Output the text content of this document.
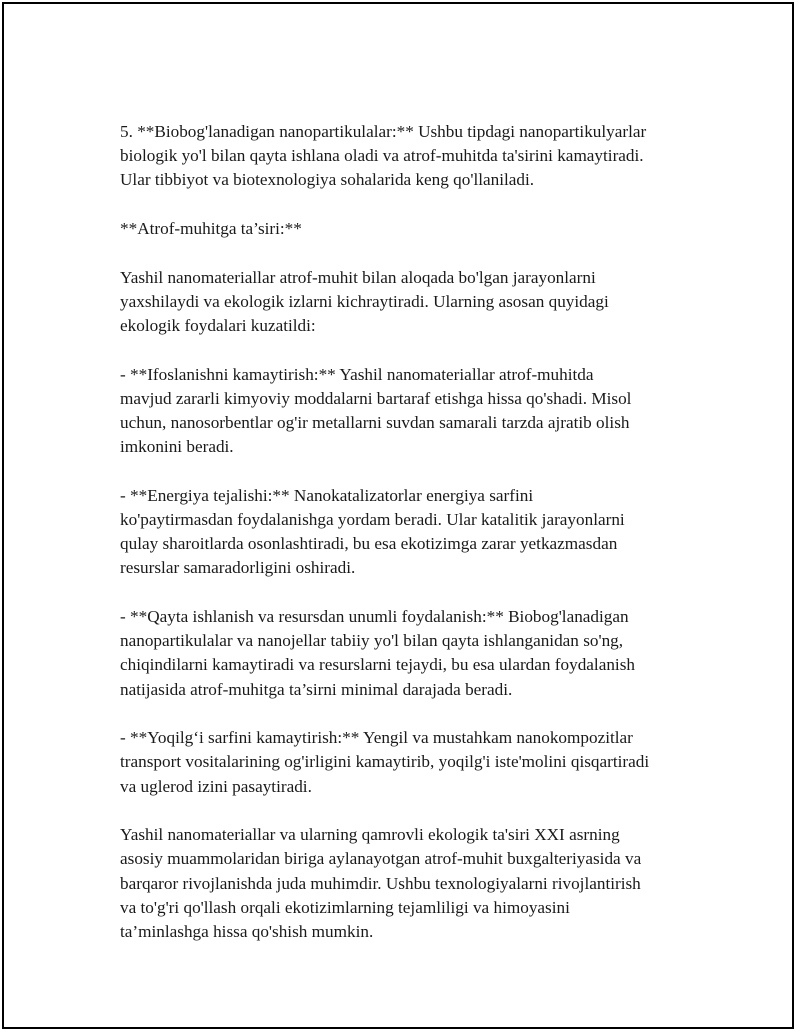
5. **Biobog'lanadigan nanopartikulalar:** Ushbu tipdagi nanopartikulyarlar
biologik yo'l bilan qayta ishlana oladi va atrof-muhitda ta'sirini kamaytiradi.
Ular tibbiyot va biotexnologiya sohalarida keng qo'llaniladi.

**Atrof-muhitga ta’siri:**

Yashil nanomateriallar atrof-muhit bilan aloqada bo'lgan jarayonlarni
yaxshilaydi va ekologik izlarni kichraytiradi. Ularning asosan quyidagi
ekologik foydalari kuzatildi:

- **Ifoslanishni kamaytirish:** Yashil nanomateriallar atrof-muhitda
mavjud zararli kimyoviy moddalarni bartaraf etishga hissa qo'shadi. Misol
uchun, nanosorbentlar og'ir metallarni suvdan samarali tarzda ajratib olish
imkonini beradi.

- **Energiya tejalishi:** Nanokatalizatorlar energiya sarfini
ko'paytirmasdan foydalanishga yordam beradi. Ular katalitik jarayonlarni
qulay sharoitlarda osonlashtiradi, bu esa ekotizimga zarar yetkazmasdan
resurslar samaradorligini oshiradi.

- **Qayta ishlanish va resursdan unumli foydalanish:** Biobog'lanadigan
nanopartikulalar va nanojellar tabiiy yo'l bilan qayta ishlanganidan so'ng,
chiqindilarni kamaytiradi va resurslarni tejaydi, bu esa ulardan foydalanish
natijasida atrof-muhitga ta’sirni minimal darajada beradi.

- **Yoqilg‘i sarfini kamaytirish:** Yengil va mustahkam nanokompozitlar
transport vositalarining og'irligini kamaytirib, yoqilg'i iste'molini qisqartiradi
va uglerod izini pasaytiradi.

Yashil nanomateriallar va ularning qamrovli ekologik ta'siri XXI asrning
asosiy muammolaridan biriga aylanayotgan atrof-muhit buxgalteriyasida va
barqaror rivojlanishda juda muhimdir. Ushbu texnologiyalarni rivojlantirish
va to'g'ri qo'llash orqali ekotizimlarning tejamliligi va himoyasini
ta’minlashga hissa qo'shish mumkin.
